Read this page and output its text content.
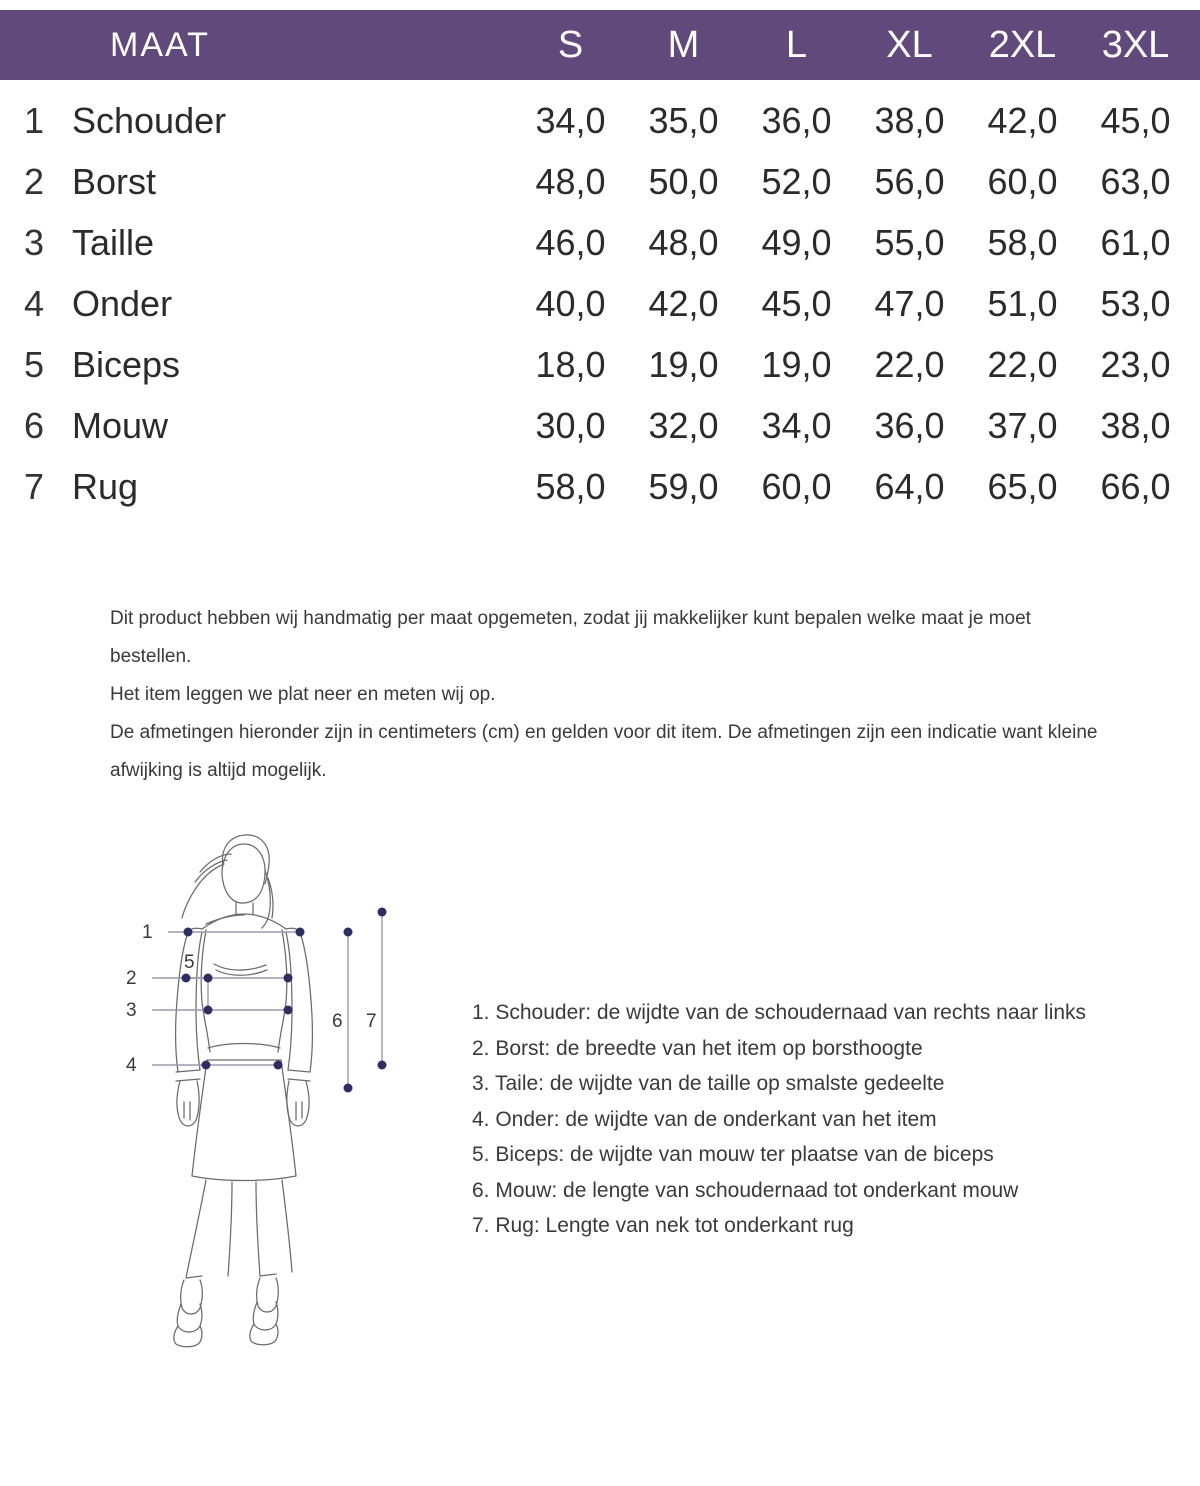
MAAT	S	M	L	XL	2XL	3XL
1 Schouder	34,0	35,0	36,0	38,0	42,0	45,0
2 Borst	48,0	50,0	52,0	56,0	60,0	63,0
3 Taille	46,0	48,0	49,0	55,0	58,0	61,0
4 Onder	40,0	42,0	45,0	47,0	51,0	53,0
5 Biceps	18,0	19,0	19,0	22,0	22,0	23,0
6 Mouw	30,0	32,0	34,0	36,0	37,0	38,0
7 Rug	58,0	59,0	60,0	64,0	65,0	66,0

Dit product hebben wij handmatig per maat opgemeten, zodat jij makkelijker kunt bepalen welke maat je moet bestellen.

Het item leggen we plat neer en meten wij op.

De afmetingen hieronder zijn in centimeters (cm) en gelden voor dit item. De afmetingen zijn een indicatie want kleine afwijking is altijd mogelijk.

1
2
3
4
5
6 7	1. Schouder: de wijdte van de schoudernaad van rechts naar links
2. Borst: de breedte van het item op borsthoogte
3. Taile: de wijdte van de taille op smalste gedeelte
4. Onder: de wijdte van de onderkant van het item
5. Biceps: de wijdte van mouw ter plaatse van de biceps
6. Mouw: de lengte van schoudernaad tot onderkant mouw
7. Rug: Lengte van nek tot onderkant rug
